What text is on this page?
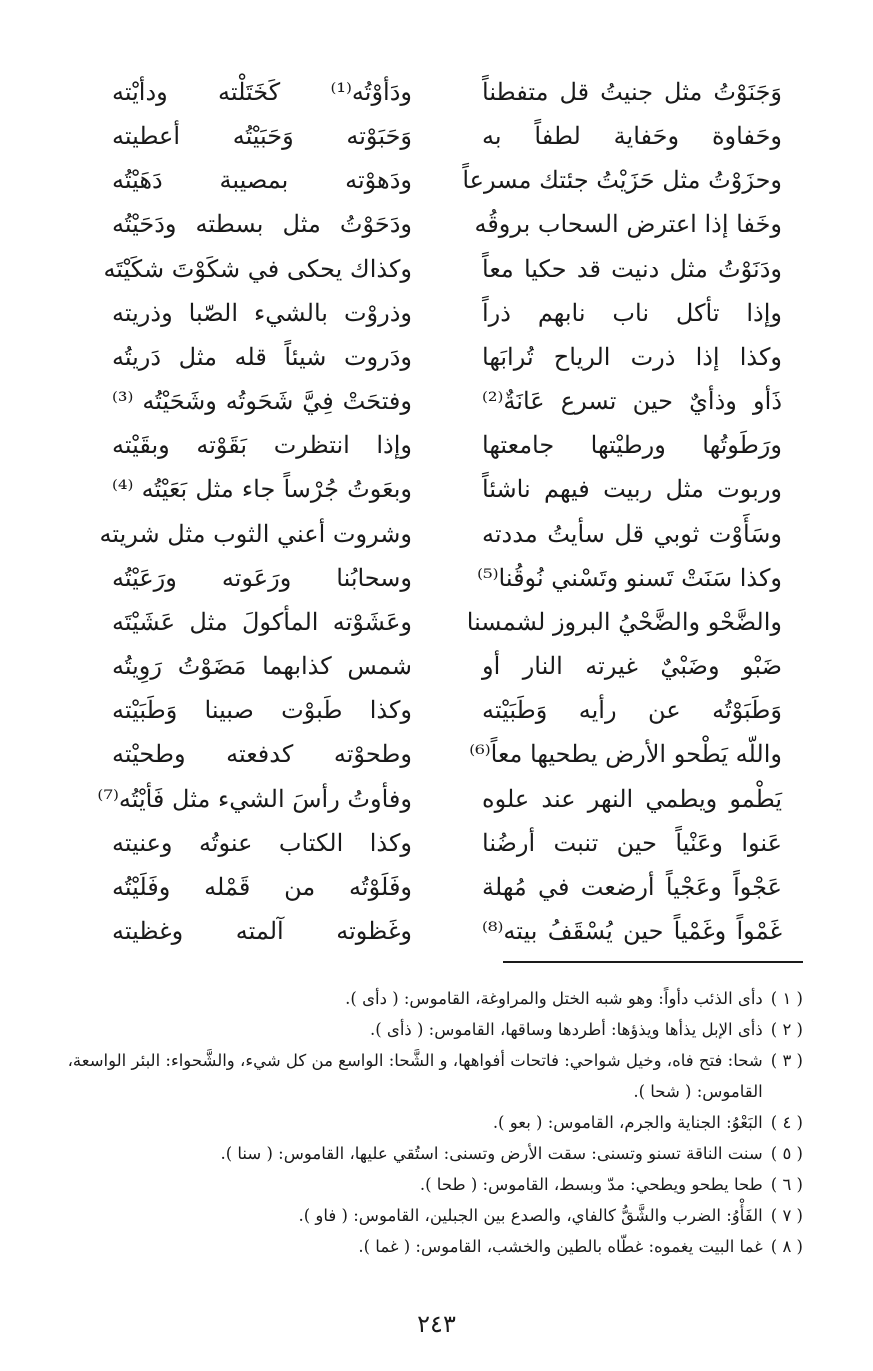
وَجَنَوْتُ مثل جنيتُ قل متفطناً
ودَأوْتُه⁽¹⁾ كَخَتَلْته ودأيْته
وحَفاوة وحَفاية لطفاً به
وَحَبَوْته وَحَبَيْتُه أعطيته
وحزَوْتُ مثل حَزَيْتُ جئتك مسرعاً
ودَهوْته بمصيبة دَهَيْتُه
وخَفا إذا اعترض السحاب بروقُه
ودَحَوْتُ مثل بسطته ودَحَيْتُه
ودَنَوْتُ مثل دنيت قد حكيا معاً
وكذاك يحكى في شكَوْتَ شكَيْتَه
وإذا تأكل ناب نابهم ذراً
وذروْت بالشيء الصّبا وذريته
وكذا إذا ذرت الرياح تُرابَها
ودَروت شيئاً قله مثل دَريتُه
ذَأو وذأيٌ حين تسرع عَانَةٌ⁽²⁾
وفتحَتْ فِيَّ شَحَوتُه وشَحَيْتُه ⁽³⁾
ورَطَوتُها ورطيْتها جامعتها
وإذا انتظرت بَقَوْته وبقَيْته
وربوت مثل ربيت فيهم ناشئاً
وبعَوتُ جُرْساً جاء مثل بَعَيْتُه ⁽⁴⁾
وسَأَوْت ثوبي قل سأيتُ مددته
وشروت أعني الثوب مثل شريته
وكذا سَنَتْ تَسنو وتَسْني نُوقُنا⁽⁵⁾
وسحابُنا ورَعَوته ورَعَيْتُه
والضَّحْو والضَّحْيُ البروز لشمسنا
وعَشَوْته المأكولَ مثل عَشَيْتَه
ضَبْو وضَبْيٌ غيرته النار أو
شمس كذابهما مَضَوْتُ رَوِيتُه
وَطَبَوْتُه عن رأيه وَطَبَيْته
وكذا طَبوْت صبينا وَطَبَيْته
واللّه يَطْحو الأرض يطحيها معاً⁽⁶⁾
وطحوْته كدفعته وطحيْته
يَطْمو ويطمي النهر عند علوه
وفأوتُ رأسَ الشيء مثل فَأيْتُه⁽⁷⁾
عَنوا وعَنْياً حين تنبت أرضُنا
وكذا الكتاب عنوتُه وعنيته
عَجْواً وعَجْياً أرضعت في مُهلة
وفَلَوْتُه من قَمْله وفَلَيْتُه
غَمْواً وغَمْياً حين يُسْقَفُ بيته⁽⁸⁾
وغَظوته آلمته وغظيته
( ١ )
دأى الذئب دأواً: وهو شبه الختل والمراوغة، القاموس: ( دأى ).
( ٢ )
ذأى الإبل يذأها ويذؤها: أطردها وساقها، القاموس: ( ذأى ).
( ٣ )
شحا: فتح فاه، وخيل شواحي: فاتحات أفواهها، و الشَّحا: الواسع من كل شيء، والشَّحواء: البئر الواسعة، القاموس: ( شحا ).
( ٤ )
البَعْوُ: الجناية والجرم، القاموس: ( بعو ).
( ٥ )
سنت الناقة تسنو وتسنى: سقت الأرض وتسنى: استُقي عليها، القاموس: ( سنا ).
( ٦ )
طحا يطحو ويطحي: مدّ وبسط، القاموس: ( طحا ).
( ٧ )
الفَأْوُ: الضرب والشَّقُّ كالفاي، والصدع بين الجبلين، القاموس: ( فاو ).
( ٨ )
غما البيت يغموه: غطّاه بالطين والخشب، القاموس: ( غما ).
٢٤٣
